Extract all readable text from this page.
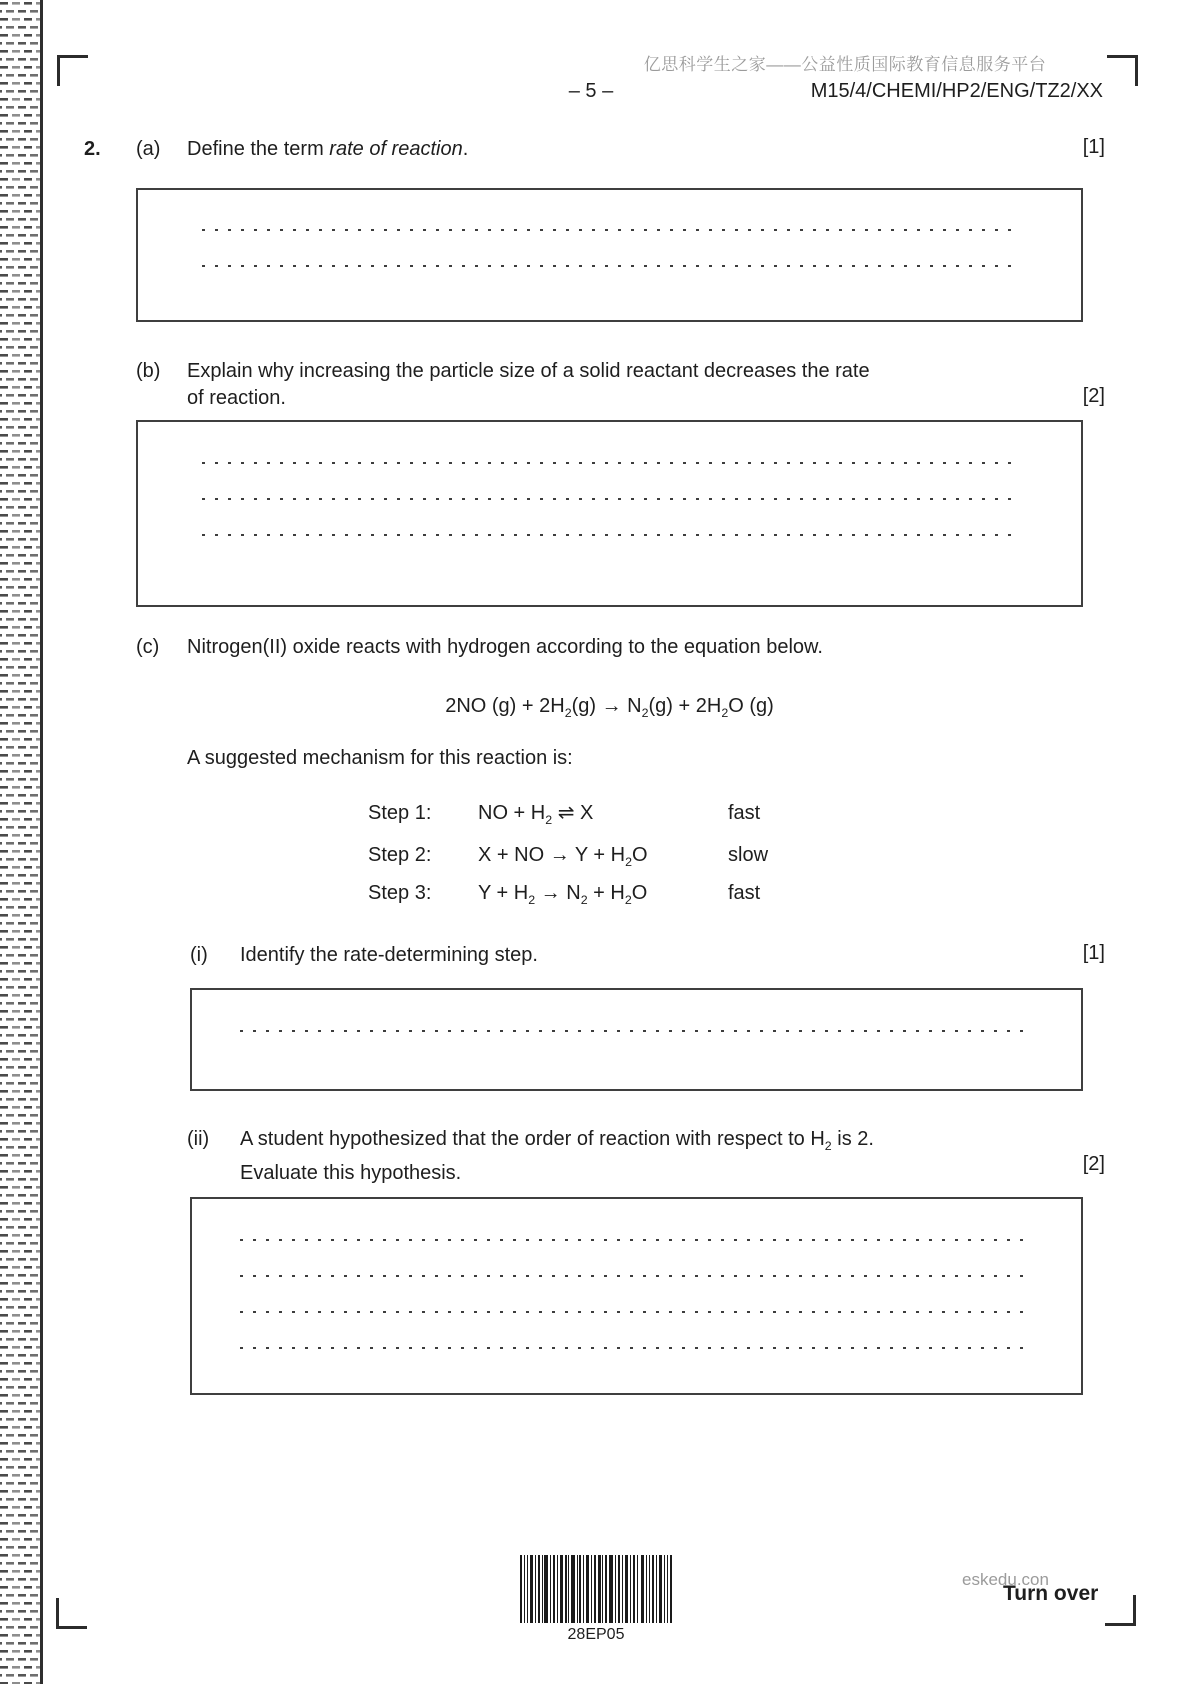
亿思科学生之家——公益性质国际教育信息服务平台
– 5 –	M15/4/CHEMI/HP2/ENG/TZ2/XX
2. (a) Define the term rate of reaction.	[1]
(b) Explain why increasing the particle size of a solid reactant decreases the rate
of reaction.	[2]
(c) Nitrogen(II) oxide reacts with hydrogen according to the equation below.
2NO $(g) + 2H_2(g) \to N_2(g) + 2H_2O$ (g)
A suggested mechanism for this reaction is:
Step 1: NO + $H_2$ ⇌ X	fast
Step 2: X + NO → $Y + H_2O$	slow
Step 3: $Y + H_2 \to N_2 + H_2O$	fast
(i) Identify the rate-determining step.	[1]
(ii) A student hypothesized that the order of reaction with respect to $H_2$ is 2.
Evaluate this hypothesis.	[2]
28EP05
eskedu.con
Turn over
